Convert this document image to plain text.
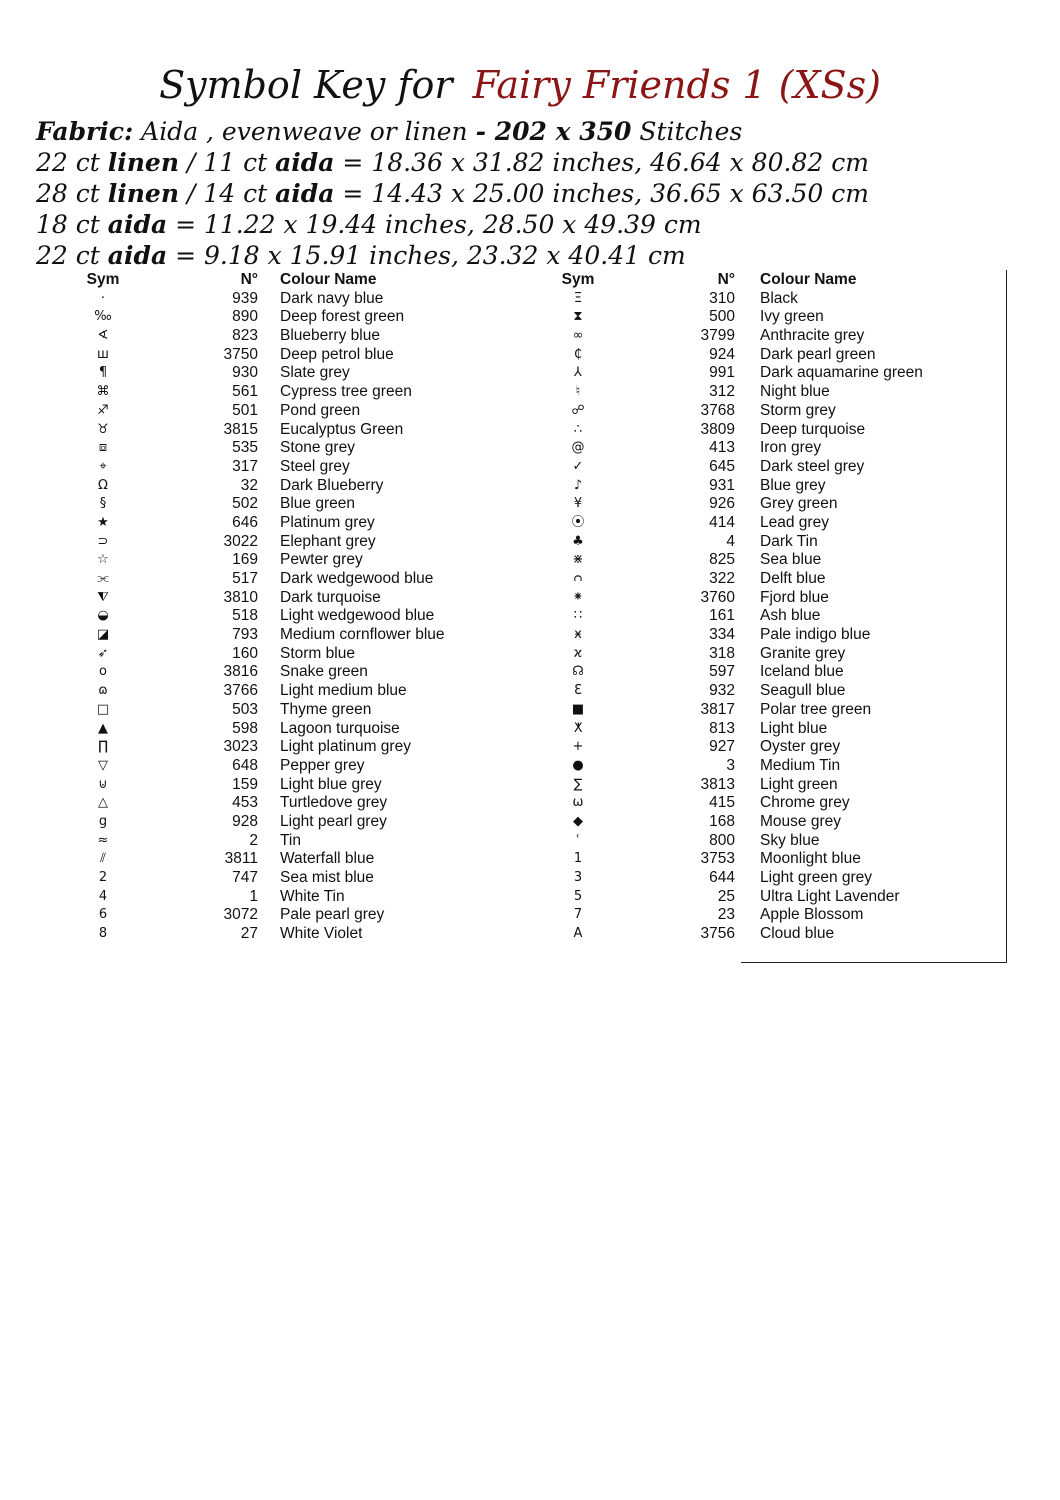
Symbol Key for Fairy Friends 1 (XSs)
Fabric: Aida , evenweave or linen - 202 x 350 Stitches
22 ct linen / 11 ct aida = 18.36 x 31.82 inches, 46.64 x 80.82 cm
28 ct linen / 14 ct aida = 14.43 x 25.00 inches, 36.65 x 63.50 cm
18 ct aida = 11.22 x 19.44 inches, 28.50 x 49.39 cm
22 ct aida = 9.18 x 15.91 inches, 23.32 x 40.41 cm
Sym	N° Colour Name
·	939 Dark navy blue
‰	890 Deep forest green
∢	823 Blueberry blue
ш	3750 Deep petrol blue
¶	930 Slate grey
⌘	561 Cypress tree green
♐	501 Pond green
♉	3815 Eucalyptus Green
⧈	535 Stone grey
⌖	317 Steel grey
Ω	32 Dark Blueberry
§	502 Blue green
★	646 Platinum grey
⊃	3022 Elephant grey
☆	169 Pewter grey
⫘	517 Dark wedgewood blue
⧨	3810 Dark turquoise
◒	518 Light wedgewood blue
◪	793 Medium cornflower blue
➶	160 Storm blue
o	3816 Snake green
ɷ	3766 Light medium blue
□	503 Thyme green
▲	598 Lagoon turquoise
∏	3023 Light platinum grey
▽	648 Pepper grey
⊍	159 Light blue grey
△	453 Turtledove grey
g	928 Light pearl grey
≈	2 Tin
⫽	3811 Waterfall blue
2	747 Sea mist blue
4	1 White Tin
6	3072 Pale pearl grey
8	27 White Violet
Sym	N° Colour Name
Ξ	310 Black
⧗	500 Ivy green
∞	3799 Anthracite grey
₵	924 Dark pearl green
⅄	991 Dark aquamarine green
♮	312 Night blue
☍	3768 Storm grey
∴	3809 Deep turquoise
@	413 Iron grey
✓	645 Dark steel grey
♪	931 Blue grey
¥	926 Grey green
⦿	414 Lead grey
♣	4 Dark Tin
⋇	825 Sea blue
ᴒ	322 Delft blue
⁕	3760 Fjord blue
∷	161 Ash blue
ӿ	334 Pale indigo blue
ϰ	318 Granite grey
☊	597 Iceland blue
Ɛ	932 Seagull blue
■	3817 Polar tree green
ⵅ	813 Light blue
+	927 Oyster grey
●	3 Medium Tin
∑	3813 Light green
ω	415 Chrome grey
◆	168 Mouse grey
ʿ	800 Sky blue
1	3753 Moonlight blue
3	644 Light green grey
5	25 Ultra Light Lavender
7	23 Apple Blossom
A	3756 Cloud blue
